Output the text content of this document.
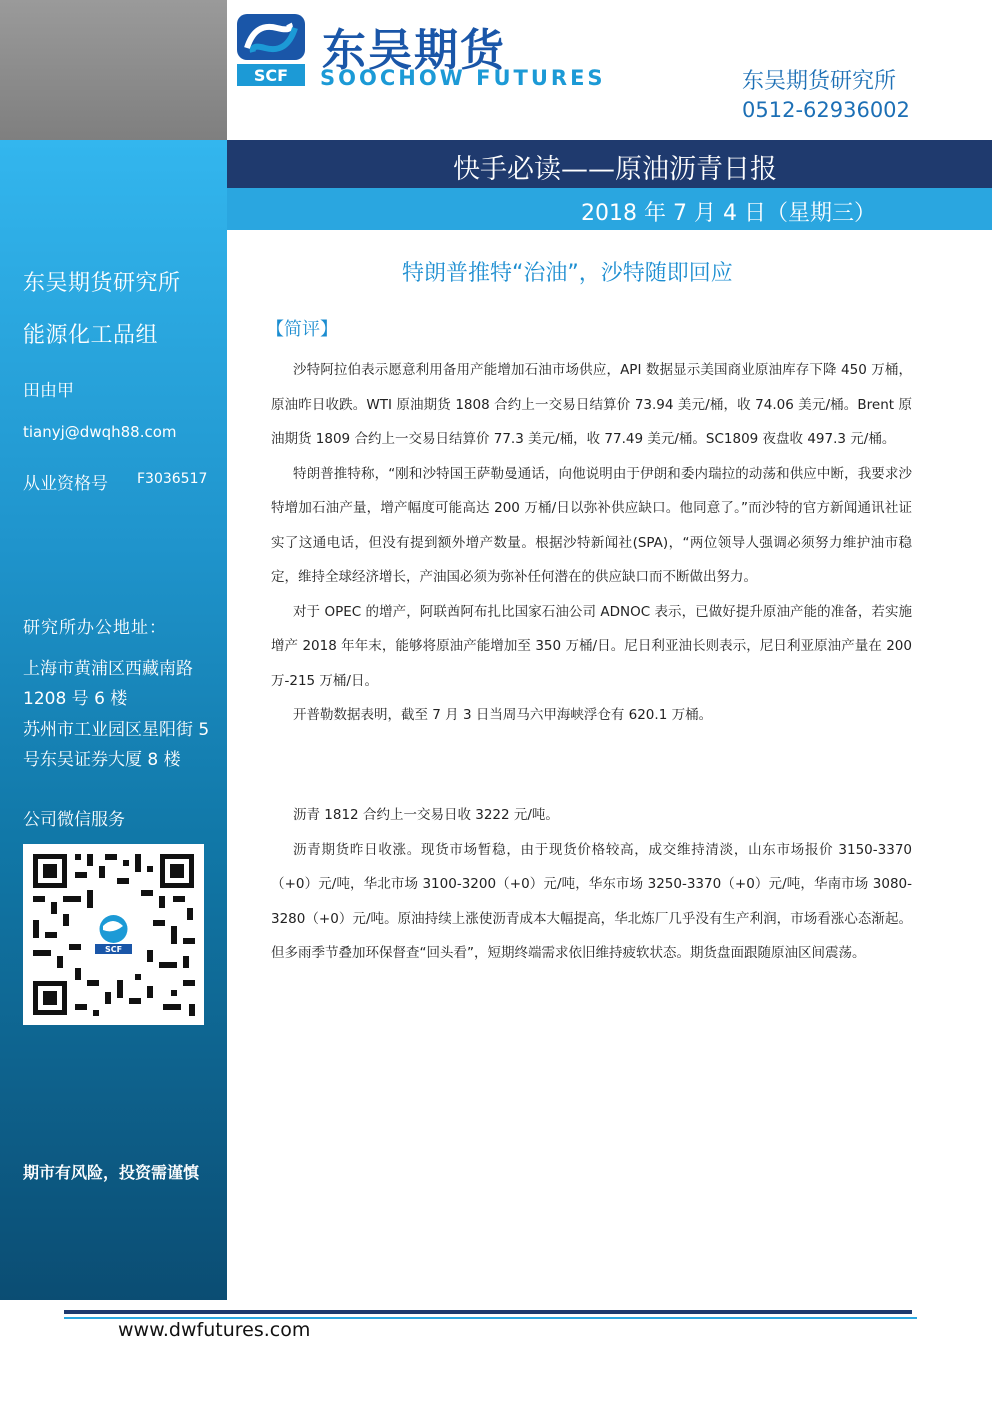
东吴期货研究所
能源化工品组
田由甲
tianyj@dwqh88.com
从业资格号 F3036517
研究所办公地址：
上海市黄浦区西藏南路 1208 号 6 楼
苏州市工业园区星阳街 5 号东吴证券大厦 8 楼
公司微信服务
SCF
期市有风险，投资需谨慎
SCF 东吴期货
SOOCHOW FUTURES	东吴期货研究所
0512-62936002
快手必读——原油沥青日报
2018 年 7 月 4 日（星期三）
特朗普推特“治油”，沙特随即回应
【简评】

沙特阿拉伯表示愿意利用备用产能增加石油市场供应，API 数据显示美国商业原油库存下降 450 万桶，原油昨日收跌。WTI 原油期货 1808 合约上一交易日结算价 73.94 美元/桶，收 74.06 美元/桶。Brent 原油期货 1809 合约上一交易日结算价 77.3 美元/桶，收 77.49 美元/桶。SC1809 夜盘收 497.3 元/桶。

特朗普推特称，“刚和沙特国王萨勒曼通话，向他说明由于伊朗和委内瑞拉的动荡和供应中断，我要求沙特增加石油产量，增产幅度可能高达 200 万桶/日以弥补供应缺口。他同意了。”而沙特的官方新闻通讯社证实了这通电话，但没有提到额外增产数量。根据沙特新闻社(SPA)，“两位领导人强调必须努力维护油市稳定，维持全球经济增长，产油国必须为弥补任何潜在的供应缺口而不断做出努力。

对于 OPEC 的增产，阿联酋阿布扎比国家石油公司 ADNOC 表示，已做好提升原油产能的准备，若实施增产 2018 年年末，能够将原油产能增加至 350 万桶/日。尼日利亚油长则表示，尼日利亚原油产量在 200 万-215 万桶/日。

开普勒数据表明，截至 7 月 3 日当周马六甲海峡浮仓有 620.1 万桶。

沥青 1812 合约上一交易日收 3222 元/吨。

沥青期货昨日收涨。现货市场暂稳，由于现货价格较高，成交维持清淡，山东市场报价 3150-3370（+0）元/吨，华北市场 3100-3200（+0）元/吨，华东市场 3250-3370（+0）元/吨，华南市场 3080-3280（+0）元/吨。原油持续上涨使沥青成本大幅提高，华北炼厂几乎没有生产利润，市场看涨心态渐起。但多雨季节叠加环保督查“回头看”，短期终端需求依旧维持疲软状态。期货盘面跟随原油区间震荡。

www.dwfutures.com
